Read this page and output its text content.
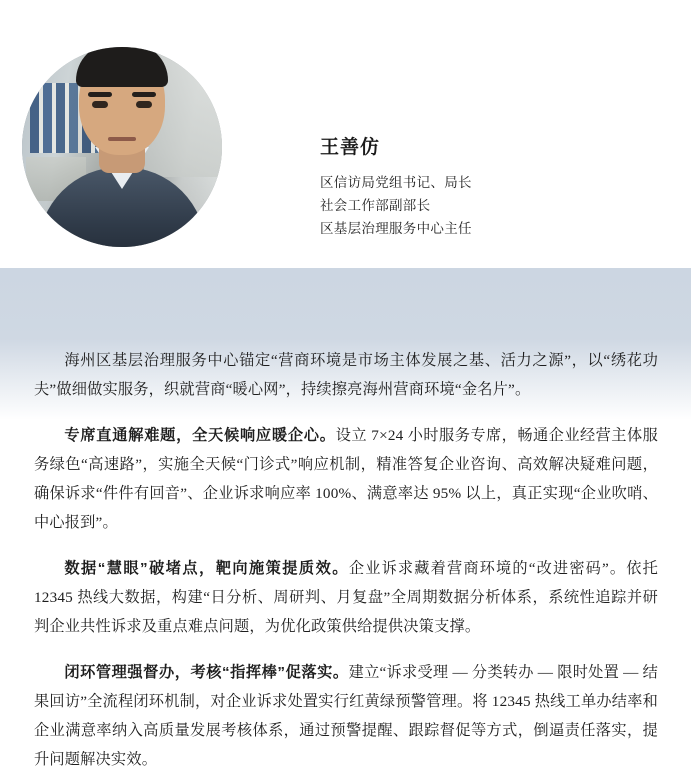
王善仿
区信访局党组书记、局长
社会工作部副部长
区基层治理服务中心主任

海州区基层治理服务中心锚定“营商环境是市场主体发展之基、活力之源”，以“绣花功夫”做细做实服务，织就营商“暖心网”，持续擦亮海州营商环境“金名片”。

专席直通解难题，全天候响应暖企心。设立 7×24 小时服务专席，畅通企业经营主体服务绿色“高速路”，实施全天候“门诊式”响应机制，精准答复企业咨询、高效解决疑难问题，确保诉求“件件有回音”、企业诉求响应率 100%、满意率达 95% 以上，真正实现“企业吹哨、中心报到”。

数据“慧眼”破堵点，靶向施策提质效。企业诉求藏着营商环境的“改进密码”。依托 12345 热线大数据，构建“日分析、周研判、月复盘”全周期数据分析体系，系统性追踪并研判企业共性诉求及重点难点问题，为优化政策供给提供决策支撑。

闭环管理强督办，考核“指挥棒”促落实。建立“诉求受理 — 分类转办 — 限时处置 — 结果回访”全流程闭环机制，对企业诉求处置实行红黄绿预警管理。将 12345 热线工单办结率和企业满意率纳入高质量发展考核体系，通过预警提醒、跟踪督促等方式，倒逼责任落实，提升问题解决实效。
